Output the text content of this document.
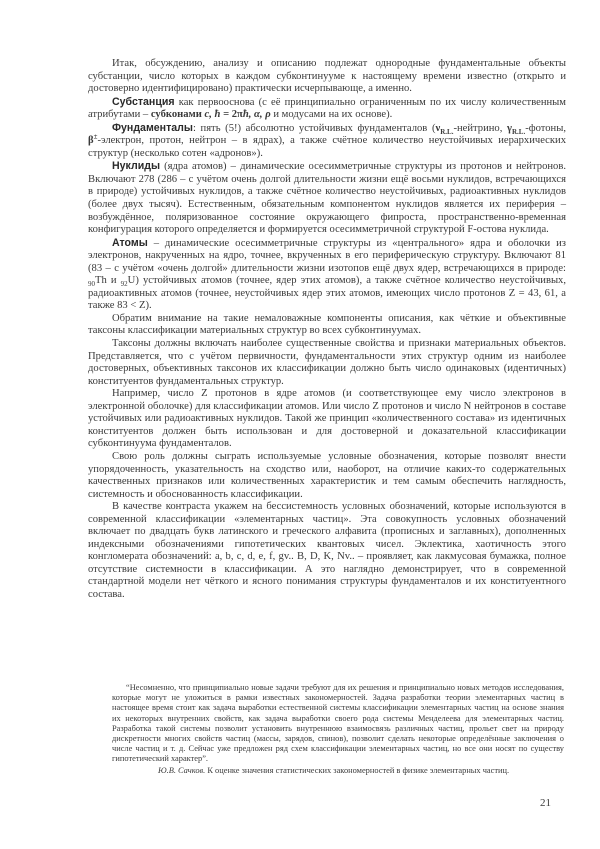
Итак, обсуждению, анализу и описанию подлежат однородные фундаментальные объекты субстанции, число которых в каждом субконтинууме к настоящему времени известно (открыто и достоверно идентифицировано) практически исчерпывающе, а именно.

Субстанция как первооснова (с её принципиально ограниченным по их числу количественным атрибутами – субконами c, ħ = 2πħ, α, ρ и модусами на их основе).

Фундаменталы: пять (5!) абсолютно устойчивых фундаменталов ($\nu_{R.L.}$-нейтрино, $\gamma_{R.L.}$-фотоны, β±-электрон, протон, нейтрон – в ядрах), а также счётное количество неустойчивых иерархических структур (несколько сотен «адронов»).

Нуклиды (ядра атомов) – динамические осесимметричные структуры из протонов и нейтронов. Включают 278 (286 – с учётом очень долгой длительности жизни ещё восьми нуклидов, встречающихся в природе) устойчивых нуклидов, а также счётное количество неустойчивых, радиоактивных нуклидов (более двух тысяч). Естественным, обязательным компонентом нуклидов является их периферия – возбуждённое, поляризованное состояние окружающего фипроста, пространственно-временная конфигурация которого определяется и формируется осесимметричной структурой F-остова нуклида.

Атомы – динамические осесимметричные структуры из «центрального» ядра и оболочки из электронов, накрученных на ядро, точнее, вкрученных в его периферическую структуру. Включают 81 (83 – с учётом «очень долгой» длительности жизни изотопов ещё двух ядер, встречающихся в природе: $_{90}$Th и $_{92}$U) устойчивых атомов (точнее, ядер этих атомов), а также счётное количество неустойчивых, радиоактивных атомов (точнее, неустойчивых ядер этих атомов, имеющих число протонов Z = 43, 61, а также 83 < Z).

Обратим внимание на такие немаловажные компоненты описания, как чёткие и объективные таксоны классификации материальных структур во всех субконтинуумах.

Таксоны должны включать наиболее существенные свойства и признаки материальных объектов. Представляется, что с учётом первичности, фундаментальности этих структур одним из наиболее достоверных, объективных таксонов их классификации должно быть число одинаковых (идентичных) конституентов фундаментальных структур.

Например, число Z протонов в ядре атомов (и соответствующее ему число электронов в электронной оболочке) для классификации атомов. Или число Z протонов и число N нейтронов в составе устойчивых или радиоактивных нуклидов. Такой же принцип «количественного состава» из идентичных конституентов должен быть использован и для достоверной и доказательной классификации субконтинуума фундаменталов.

Свою роль должны сыграть используемые условные обозначения, которые позволят внести упорядоченность, указательность на сходство или, наоборот, на отличие каких-то содержательных качественных признаков или количественных характеристик и тем самым обеспечить наглядность, системность и обоснованность классификации.

В качестве контраста укажем на бессистемность условных обозначений, которые используются в современной классификации «элементарных частиц». Эта совокупность условных обозначений включает по двадцать букв латинского и греческого алфавита (прописных и заглавных), дополненных индексными обозначениями гипотетических квантовых чисел. Эклектика, хаотичность этого конгломерата обозначений: a, b, c, d, e, f, gv.. B, D, K, Nv.. – проявляет, как лакмусовая бумажка, полное отсутствие системности в классификации. А это наглядно демонстрирует, что в современной стандартной модели нет чёткого и ясного понимания структуры фундаменталов и их конституентного состава.

“Несомненно, что принципиально новые задачи требуют для их решения и принципиально новых методов исследования, которые могут не уложиться в рамки известных закономерностей. Задача разработки теории элементарных частиц в настоящее время стоит как задача выработки естественной системы классификации элементарных частиц на основе знания их некоторых внутренних свойств, как задача выработки своего рода системы Менделеева для элементарных частиц. Разработка такой системы позволит установить внутреннюю взаимосвязь различных частиц, прольет свет на природу дискретности многих свойств частиц (массы, зарядов, спинов), позволит сделать некоторые определённые заключения о числе частиц и т. д. Сейчас уже предложен ряд схем классификации элементарных частиц, но все они носят по существу гипотетический характер”.

Ю.В. Сачков. К оценке значения статистических закономерностей в физике элементарных частиц.

21
